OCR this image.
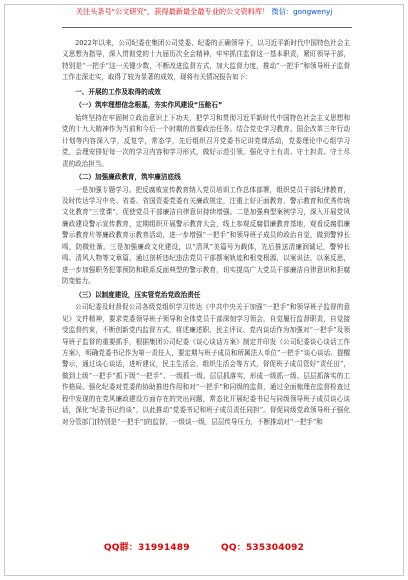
关注头条号"公文研究"，获得最新最全最专业的公文资料库！ 微信：gongwenyj

2022年以来，公司纪委在集团公司党委、纪委的正确领导下，以习近平新时代中国特色社会主义思想为指导，深入贯彻党的十九届历次全会精神，牢牢抓住监督这一基本职责，紧盯领导干部，特别是“一把手”这一关键少数，不断改进监督方式，加大监督力度，推动“一把手”和领导班子监督工作走深走实，取得了较为显著的成效，现将有关情况报告如下：

一、开展的工作及取得的成效

（一）筑牢理想信念根基，夯实作风建设“压舱石”

始终坚持在牢固树立政治意识上下功夫，把学习和贯彻习近平新时代中国特色社会主义思想和党的十九大精神作为当前和今后一个时期的首要政治任务。结合党史学习教育、国企改革三年行动计划等内容深入学，反复学，常态学，先后组织召开党委书记讲党课活动，党委理论中心组学习党，会理安排好每一次的学习内容和学习形式，做好示范引领，强化守土有责、守土担责、守土尽责的政治担当。

（二）加强廉政教育，筑牢廉洁底线

一是加强专题学习。把反腐败宣传教育纳入党员培训工作总体部署，组织党员干部纪律教育，及时传达学习中央、省委、省国资委党委有关廉政规定，注重上好正面教育、警示教育和优秀传统文化教育“三堂课”，促使党员干部廉洁自律意识持续增强。二是加强典型案例学习，深入开展党风廉政建设警示宣传教育，定期组织开展警示教育大会，线上参观反腐倡廉教育基地，观看反腐倡廉警示教育片等廉政教育示教育活动，进一步增强“一把手”和领导班子成员的政治自觉，做到警钟长鸣，防微杜渐。三是加强廉政文化建设，以“清风”美篇号为载体，先后推送清廉润诚记，警钟长鸣、清风人物等文章篇，通过剖析违纪违法党员干部摆案轨迹和根变根源，以案说法，以案反思，进一步加强职务犯罪预防和联系反面典型的警示教育，切实提高广大党员干部廉洁自律意识和拒腐防变能力。

（三）以制度建设，压实管党治党政治责任

公司纪委及时督促公司各级党组织学习传达《中共中央关于加强“一把手”和领导班子监督的意见》文件精神，要求党委领导班子领导和全体党员干部深刻学习领会，自觉履行监督职责，自觉接受监督约束，不断创新党内监督方式，将述廉述职、民主评议、党内谈话作为加强对“一把手”及领导班子监督的重要抓手，根据集团公司纪委《谈心谈话方案》制定并印发《公司纪委谈心谈话工作方案》，明确党委书记作为第一责任人，要定期与班子成员和所属法人单位“一把手”谈心谈话、提醒警示，通过谈心谈话，进听建议，民主生活会，组织生活会等方式，督促班子成员管好“责任田”，做到上级“一把手”抓下级“一把手”、一级抓一级、层层抓落实，形成一级抓一级、层层抓落实的工作格局。强化纪委对党委的协助推进作用和对“一把手”和同级的监督，通过全面梳理在监督检查过程中发现的在党风廉政建设方面存在的突出问题，常态化开展纪委书记与同级领导班子成员谈心谈话，深化“纪委书记约谈”，以此推动“党委书记和班子成员责任同担”。督促同级党政领导班子强化对分管部门[特别是“一把手”]的监督，一级谈一级，层层传导压力，不断推动对“一把手”和

QQ群：31991489	QQ：535304092
